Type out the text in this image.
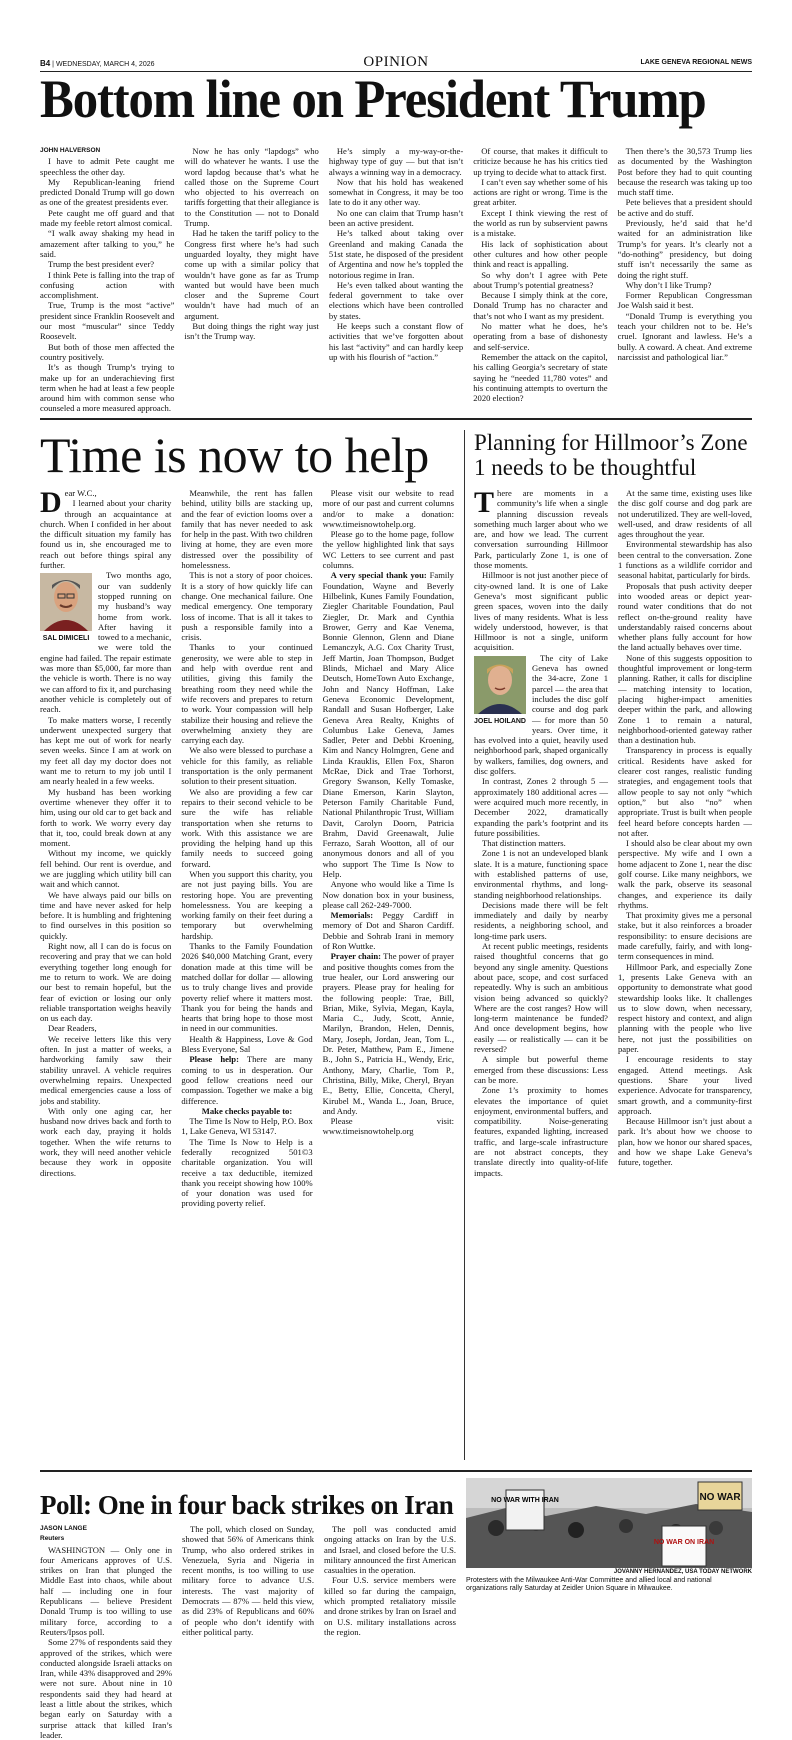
B4 | WEDNESDAY, MARCH 4, 2026	OPINION	LAKE GENEVA REGIONAL NEWS
Bottom line on President Trump
JOHN HALVERSON

I have to admit Pete caught me speechless the other day.

My Republican-leaning friend predicted Donald Trump will go down as one of the greatest presidents ever.

Pete caught me off guard and that made my feeble retort almost comical.

“I walk away shaking my head in amazement after talking to you,” he said.

Trump the best president ever?

I think Pete is falling into the trap of confusing action with accomplishment.

True, Trump is the most “active” president since Franklin Roosevelt and our most “muscular” since Teddy Roosevelt.

But both of those men affected the country positively.

It’s as though Trump’s trying to make up for an underachieving first term when he had at least a few people around him with common sense who counseled a more measured approach.

Now he has only “lapdogs” who will do whatever he wants. I use the word lapdog because that’s what he called those on the Supreme Court who objected to his overreach on tariffs forgetting that their allegiance is to the Constitution — not to Donald Trump.

Had he taken the tariff policy to the Congress first where he’s had such unguarded loyalty, they might have come up with a similar policy that wouldn’t have gone as far as Trump wanted but would have been much closer and the Supreme Court wouldn’t have had much of an argument.

But doing things the right way just isn’t the Trump way.

He’s simply a my-way-or-the-highway type of guy — but that isn’t always a winning way in a democracy.

Now that his hold has weakened somewhat in Congress, it may be too late to do it any other way.

No one can claim that Trump hasn’t been an active president.

He’s talked about taking over Greenland and making Canada the 51st state, he disposed of the president of Argentina and now he’s toppled the notorious regime in Iran.

He’s even talked about wanting the federal government to take over elections which have been controlled by states.

He keeps such a constant flow of activities that we’ve forgotten about his last “activity” and can hardly keep up with his flourish of “action.”

Of course, that makes it difficult to criticize because he has his critics tied up trying to decide what to attack first.

I can’t even say whether some of his actions are right or wrong. Time is the great arbiter.

Except I think viewing the rest of the world as run by subservient pawns is a mistake.

His lack of sophistication about other cultures and how other people think and react is appalling.

So why don’t I agree with Pete about Trump’s potential greatness?

Because I simply think at the core, Donald Trump has no character and that’s not who I want as my president.

No matter what he does, he’s operating from a base of dishonesty and self-service.

Remember the attack on the capitol, his calling Georgia’s secretary of state saying he “needed 11,780 votes” and his continuing attempts to overturn the 2020 election?

Then there’s the 30,573 Trump lies as documented by the Washington Post before they had to quit counting because the research was taking up too much staff time.

Pete believes that a president should be active and do stuff.

Previously, he’d said that he’d waited for an administration like Trump’s for years. It’s clearly not a “do-nothing” presidency, but doing stuff isn’t necessarily the same as doing the right stuff.

Why don’t I like Trump?

Former Republican Congressman Joe Walsh said it best.

“Donald Trump is everything you teach your children not to be. He’s cruel. Ignorant and lawless. He’s a bully. A coward. A cheat. And extreme narcissist and pathological liar.”

Time is now to help
D ear W.C.,

I learned about your charity through an acquaintance at church. When I confided in her about the difficult situation my family has found us in, she encouraged me to reach out before things spiral any further.

SAL DIMICELI

Two months ago, our van suddenly stopped running on my husband’s way home from work. After having it towed to a mechanic, we were told the engine had failed. The repair estimate was more than $5,000, far more than the vehicle is worth. There is no way we can afford to fix it, and purchasing another vehicle is completely out of reach.

To make matters worse, I recently underwent unexpected surgery that has kept me out of work for nearly seven weeks. Since I am at work on my feet all day my doctor does not want me to return to my job until I am nearly healed in a few weeks.

My husband has been working overtime whenever they offer it to him, using our old car to get back and forth to work. We worry every day that it, too, could break down at any moment.

Without my income, we quickly fell behind. Our rent is overdue, and we are juggling which utility bill can wait and which cannot.

We have always paid our bills on time and have never asked for help before. It is humbling and frightening to find ourselves in this position so quickly.

Right now, all I can do is focus on recovering and pray that we can hold everything together long enough for me to return to work. We are doing our best to remain hopeful, but the fear of eviction or losing our only reliable transportation weighs heavily on us each day.

Dear Readers,

We receive letters like this very often. In just a matter of weeks, a hardworking family saw their stability unravel. A vehicle requires overwhelming repairs. Unexpected medical emergencies cause a loss of jobs and stability.

With only one aging car, her husband now drives back and forth to work each day, praying it holds together. When the wife returns to work, they will need another vehicle because they work in opposite directions.

Meanwhile, the rent has fallen behind, utility bills are stacking up, and the fear of eviction looms over a family that has never needed to ask for help in the past. With two children living at home, they are even more distressed over the possibility of homelessness.

This is not a story of poor choices. It is a story of how quickly life can change. One mechanical failure. One medical emergency. One temporary loss of income. That is all it takes to push a responsible family into a crisis.

Thanks to your continued generosity, we were able to step in and help with overdue rent and utilities, giving this family the breathing room they need while the wife recovers and prepares to return to work. Your compassion will help stabilize their housing and relieve the overwhelming anxiety they are carrying each day.

We also were blessed to purchase a vehicle for this family, as reliable transportation is the only permanent solution to their present situation.

We also are providing a few car repairs to their second vehicle to be sure the wife has reliable transportation when she returns to work. With this assistance we are providing the helping hand up this family needs to succeed going forward.

When you support this charity, you are not just paying bills. You are restoring hope. You are preventing homelessness. You are keeping a working family on their feet during a temporary but overwhelming hardship.

Thanks to the Family Foundation 2026 $40,000 Matching Grant, every donation made at this time will be matched dollar for dollar — allowing us to truly change lives and provide poverty relief where it matters most. Thank you for being the hands and hearts that bring hope to those most in need in our communities.

Health & Happiness, Love & God Bless Everyone, Sal

Please help: There are many coming to us in desperation. Our good fellow creations need our compassion. Together we make a big difference.

Make checks payable to:

The Time Is Now to Help, P.O. Box 1, Lake Geneva, WI 53147.

The Time Is Now to Help is a federally recognized 501©3 charitable organization. You will receive a tax deductible, itemized thank you receipt showing how 100% of your donation was used for providing poverty relief.

Please visit our website to read more of our past and current columns and/or to make a donation: www.timeisnowtohelp.org.

Please go to the home page, follow the yellow highlighted link that says WC Letters to see current and past columns.

A very special thank you: Family Foundation, Wayne and Beverly Hilbelink, Kunes Family Foundation, Ziegler Charitable Foundation, Paul Ziegler, Dr. Mark and Cynthia Brower, Gerry and Kae Venema, Bonnie Glennon, Glenn and Diane Lemanczyk, A.G. Cox Charity Trust, Jeff Martin, Joan Thompson, Budget Blinds, Michael and Mary Alice Deutsch, HomeTown Auto Exchange, John and Nancy Hoffman, Lake Geneva Economic Development, Randall and Susan Hofberger, Lake Geneva Area Realty, Knights of Columbus Lake Geneva, James Sadler, Peter and Debbi Kroening, Kim and Nancy Holmgren, Gene and Linda Krauklis, Ellen Fox, Sharon McRae, Dick and Trae Torhorst, Gregory Swanson, Kelly Tomaske, Diane Emerson, Karin Slayton, Peterson Family Charitable Fund, National Philanthropic Trust, William Davit, Carolyn Doorn, Patricia Brahm, David Greenawalt, Julie Ferrazo, Sarah Wootton, all of our anonymous donors and all of you who support The Time Is Now to Help.

Anyone who would like a Time Is Now donation box in your business, please call 262-249-7000.

Memorials: Peggy Cardiff in memory of Dot and Sharon Cardiff. Debbie and Sohrab Irani in memory of Ron Wuttke.

Prayer chain: The power of prayer and positive thoughts comes from the true healer, our Lord answering our prayers. Please pray for healing for the following people: Trae, Bill, Brian, Mike, Sylvia, Megan, Kayla, Maria C., Judy, Scott, Annie, Marilyn, Brandon, Helen, Dennis, Mary, Joseph, Jordan, Jean, Tom L., Dr. Peter, Matthew, Pam E., Jimene B., John S., Patricia H., Wendy, Eric, Anthony, Mary, Charlie, Tom P., Christina, Billy, Mike, Cheryl, Bryan E., Betty, Ellie, Concetta, Cheryl, Kirubel M., Wanda L., Joan, Bruce, and Andy.

Please visit: www.timeisnowtohelp.org

Planning for Hillmoor’s Zone 1 needs to be thoughtful
T here are moments in a community’s life when a single planning discussion reveals something much larger about who we are, and how we lead. The current conversation surrounding Hillmoor Park, particularly Zone 1, is one of those moments.

Hillmoor is not just another piece of city-owned land. It is one of Lake Geneva’s most significant public green spaces, woven into the daily lives of many residents. What is less widely understood, however, is that Hillmoor is not a single, uniform acquisition.

JOEL HOILAND

The city of Lake Geneva has owned the 34-acre, Zone 1 parcel — the area that includes the disc golf course and dog park — for more than 50 years. Over time, it has evolved into a quiet, heavily used neighborhood park, shaped organically by walkers, families, dog owners, and disc golfers.

In contrast, Zones 2 through 5 — approximately 180 additional acres — were acquired much more recently, in December 2022, dramatically expanding the park’s footprint and its future possibilities.

That distinction matters.

Zone 1 is not an undeveloped blank slate. It is a mature, functioning space with established patterns of use, environmental rhythms, and long-standing neighborhood relationships.

Decisions made there will be felt immediately and daily by nearby residents, a neighboring school, and long-time park users.

At recent public meetings, residents raised thoughtful concerns that go beyond any single amenity. Questions about pace, scope, and cost surfaced repeatedly. Why is such an ambitious vision being advanced so quickly? Where are the cost ranges? How will long-term maintenance be funded? And once development begins, how easily — or realistically — can it be reversed?

A simple but powerful theme emerged from these discussions: Less can be more.

Zone 1’s proximity to homes elevates the importance of quiet enjoyment, environmental buffers, and compatibility. Noise-generating features, expanded lighting, increased traffic, and large-scale infrastructure are not abstract concepts, they translate directly into quality-of-life impacts.

At the same time, existing uses like the disc golf course and dog park are not underutilized. They are well-loved, well-used, and draw residents of all ages throughout the year.

Environmental stewardship has also been central to the conversation. Zone 1 functions as a wildlife corridor and seasonal habitat, particularly for birds.

Proposals that push activity deeper into wooded areas or depict year-round water conditions that do not reflect on-the-ground reality have understandably raised concerns about whether plans fully account for how the land actually behaves over time.

None of this suggests opposition to thoughtful improvement or long-term planning. Rather, it calls for discipline — matching intensity to location, placing higher-impact amenities deeper within the park, and allowing Zone 1 to remain a natural, neighborhood-oriented gateway rather than a destination hub.

Transparency in process is equally critical. Residents have asked for clearer cost ranges, realistic funding strategies, and engagement tools that allow people to say not only “which option,” but also “no” when appropriate. Trust is built when people feel heard before concepts harden — not after.

I should also be clear about my own perspective. My wife and I own a home adjacent to Zone 1, near the disc golf course. Like many neighbors, we walk the park, observe its seasonal changes, and experience its daily rhythms.

That proximity gives me a personal stake, but it also reinforces a broader responsibility: to ensure decisions are made carefully, fairly, and with long-term consequences in mind.

Hillmoor Park, and especially Zone 1, presents Lake Geneva with an opportunity to demonstrate what good stewardship looks like. It challenges us to slow down, when necessary, respect history and context, and align planning with the people who live here, not just the possibilities on paper.

I encourage residents to stay engaged. Attend meetings. Ask questions. Share your lived experience. Advocate for transparency, smart growth, and a community-first approach.

Because Hillmoor isn’t just about a park. It’s about how we choose to plan, how we honor our shared spaces, and how we shape Lake Geneva’s future, together.

Poll: One in four back strikes on Iran
JASON LANGE
Reuters

WASHINGTON — Only one in four Americans approves of U.S. strikes on Iran that plunged the Middle East into chaos, while about half — including one in four Republicans — believe President Donald Trump is too willing to use military force, according to a Reuters/Ipsos poll.

Some 27% of respondents said they approved of the strikes, which were conducted alongside Israeli attacks on Iran, while 43% disapproved and 29% were not sure. About nine in 10 respondents said they had heard at least a little about the strikes, which began early on Saturday with a surprise attack that killed Iran’s leader.

The poll, which closed on Sunday, showed that 56% of Americans think Trump, who also ordered strikes in Venezuela, Syria and Nigeria in recent months, is too willing to use military force to advance U.S. interests. The vast majority of Democrats — 87% — held this view, as did 23% of Republicans and 60% of people who don’t identify with either political party.

The poll was conducted amid ongoing attacks on Iran by the U.S. and Israel, and closed before the U.S. military announced the first American casualties in the operation.

Four U.S. service members were killed so far during the campaign, which prompted retaliatory missile and drone strikes by Iran on Israel and on U.S. military installations across the region.

NO WAR WITH IRAN	NO WAR
NO WAR ON IRAN
JOVANNY HERNANDEZ, USA TODAY NETWORK
Protesters with the Milwaukee Anti-War Committee and allied local and national organizations rally Saturday at Zeidler Union Square in Milwaukee.
